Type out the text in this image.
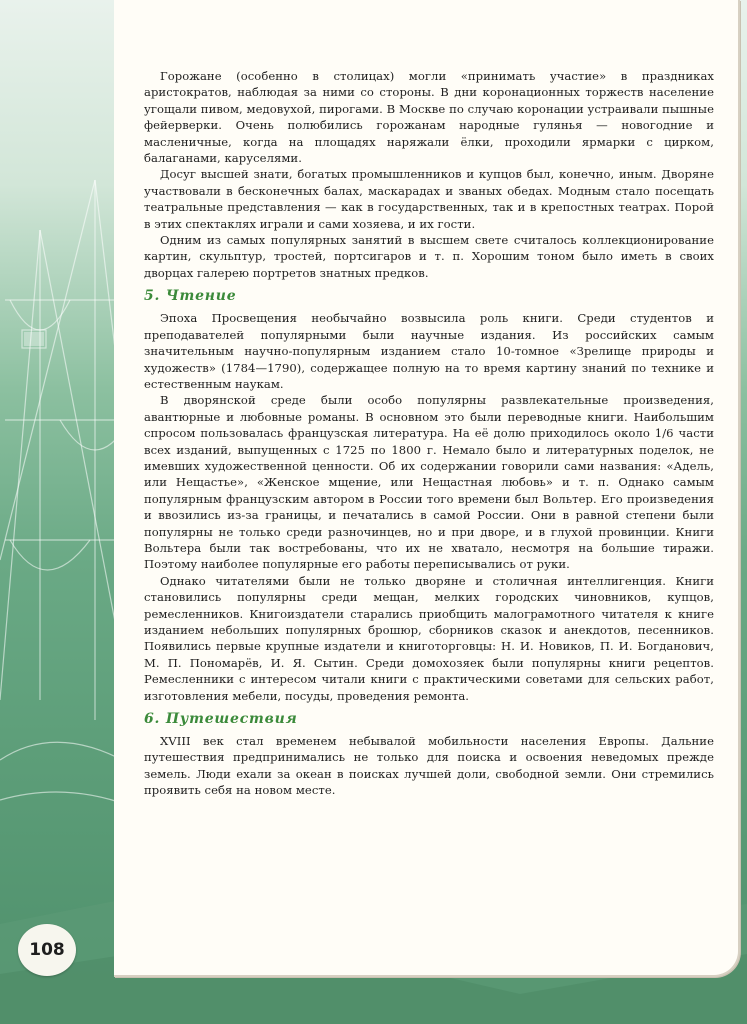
Горожане (особенно в столицах) могли «принимать участие» в праздниках аристократов, наблюдая за ними со стороны. В дни коронационных торжеств население угощали пивом, медовухой, пирогами. В Москве по случаю коронации устраивали пышные фейерверки. Очень полюбились горожанам народные гулянья — новогодние и масленичные, когда на площадях наряжали ёлки, проходили ярмарки с цирком, балаганами, каруселями.

Досуг высшей знати, богатых промышленников и купцов был, конечно, иным. Дворяне участвовали в бесконечных балах, маскарадах и званых обедах. Модным стало посещать театральные представления — как в государственных, так и в крепостных театрах. Порой в этих спектаклях играли и сами хозяева, и их гости.

Одним из самых популярных занятий в высшем свете считалось коллекционирование картин, скульптур, тростей, портсигаров и т. п. Хорошим тоном было иметь в своих дворцах галерею портретов знатных предков.

5. Чтение

Эпоха Просвещения необычайно возвысила роль книги. Среди студентов и преподавателей популярными были научные издания. Из российских самым значительным научно-популярным изданием стало 10-томное «Зрелище природы и художеств» (1784—1790), содержащее полную на то время картину знаний по технике и естественным наукам.

В дворянской среде были особо популярны развлекательные произведения, авантюрные и любовные романы. В основном это были переводные книги. Наибольшим спросом пользовалась французская литература. На её долю приходилось около 1/6 части всех изданий, выпущенных с 1725 по 1800 г. Немало было и литературных поделок, не имевших художественной ценности. Об их содержании говорили сами названия: «Адель, или Нещастье», «Женское мщение, или Нещастная любовь» и т. п. Однако самым популярным французским автором в России того времени был Вольтер. Его произведения и ввозились из-за границы, и печатались в самой России. Они в равной степени были популярны не только среди разночинцев, но и при дворе, и в глухой провинции. Книги Вольтера были так востребованы, что их не хватало, несмотря на большие тиражи. Поэтому наиболее популярные его работы переписывались от руки.

Однако читателями были не только дворяне и столичная интеллигенция. Книги становились популярны среди мещан, мелких городских чиновников, купцов, ремесленников. Книгоиздатели старались приобщить малограмотного читателя к книге изданием небольших популярных брошюр, сборников сказок и анекдотов, песенников. Появились первые крупные издатели и книготорговцы: Н. И. Новиков, П. И. Богданович, М. П. Пономарёв, И. Я. Сытин. Среди домохозяек были популярны книги рецептов. Ремесленники с интересом читали книги с практическими советами для сельских работ, изготовления мебели, посуды, проведения ремонта.

6. Путешествия

XVIII век стал временем небывалой мобильности населения Европы. Дальние путешествия предпринимались не только для поиска и освоения неведомых прежде земель. Люди ехали за океан в поисках лучшей доли, свободной земли. Они стремились проявить себя на новом месте.

108
